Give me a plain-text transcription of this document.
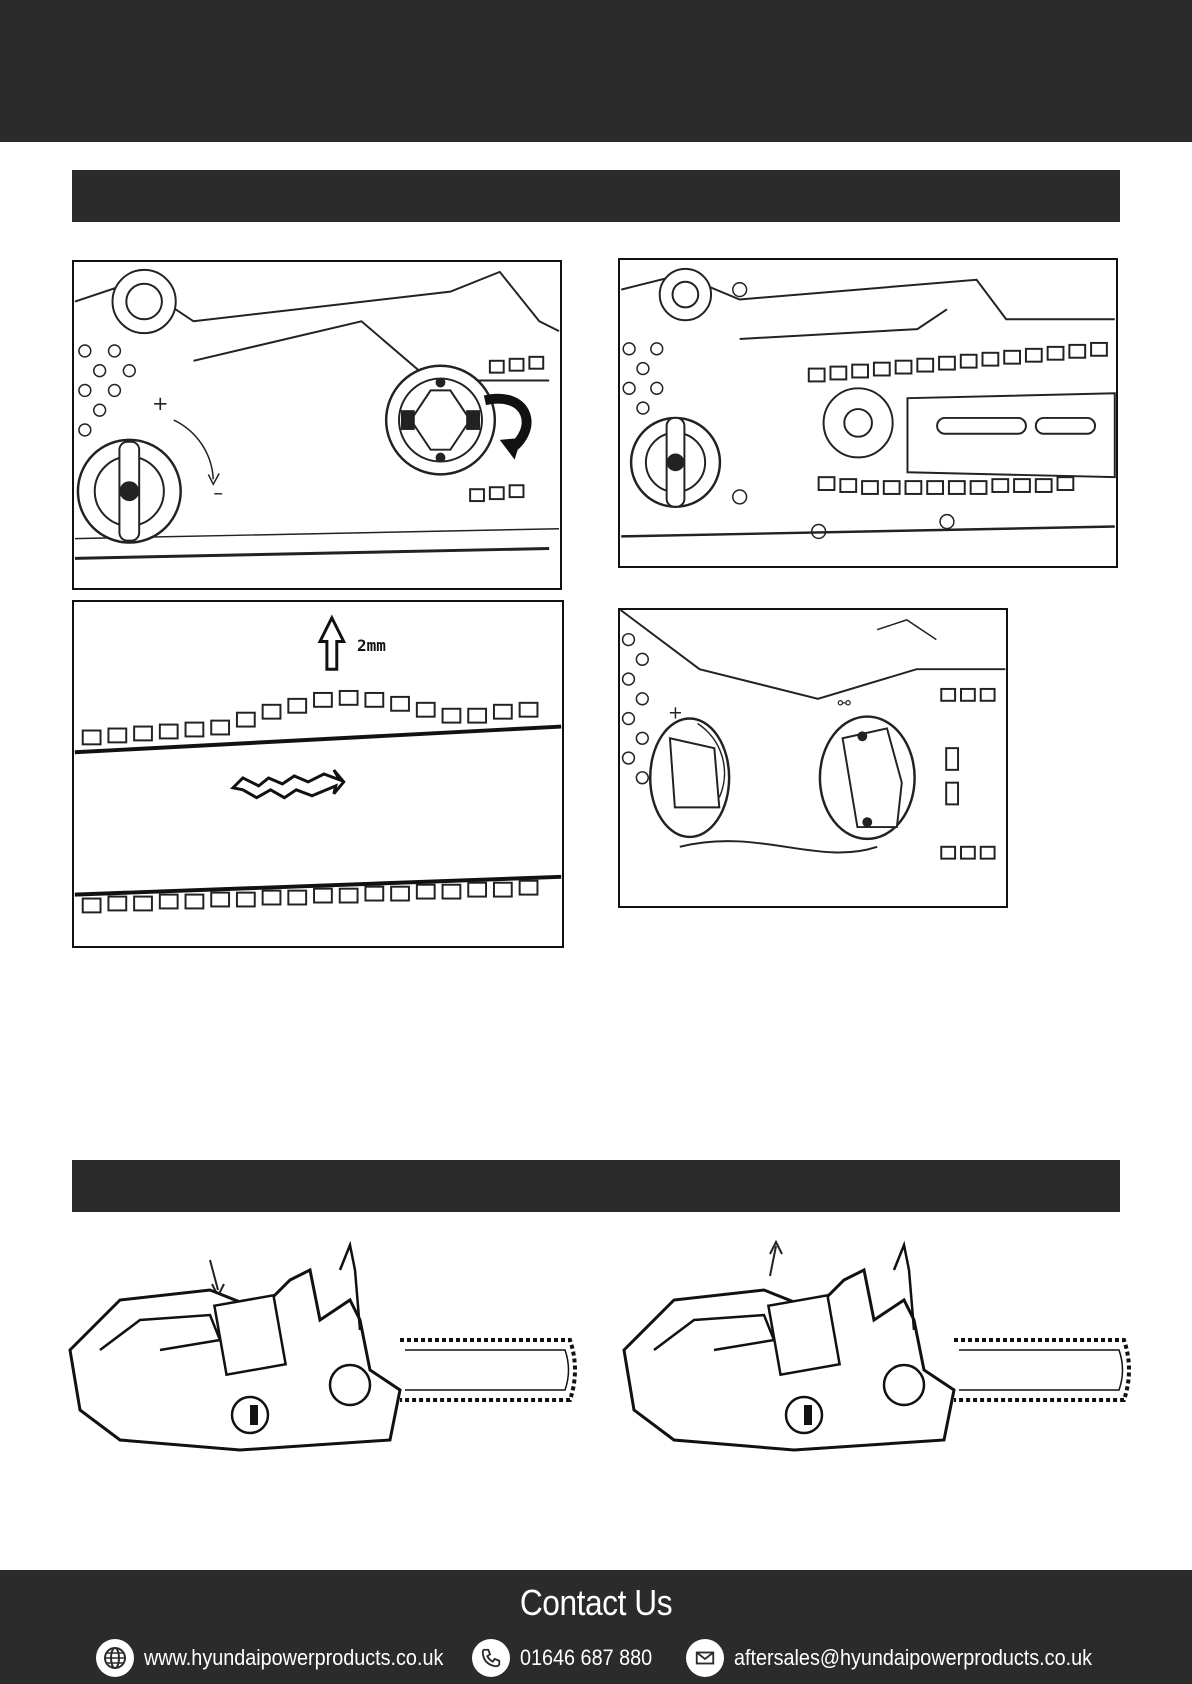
+
–
2mm
+
⚯
Contact Us
www.hyundaipowerproducts.co.uk	01646 687 880	aftersales@hyundaipowerproducts.co.uk
